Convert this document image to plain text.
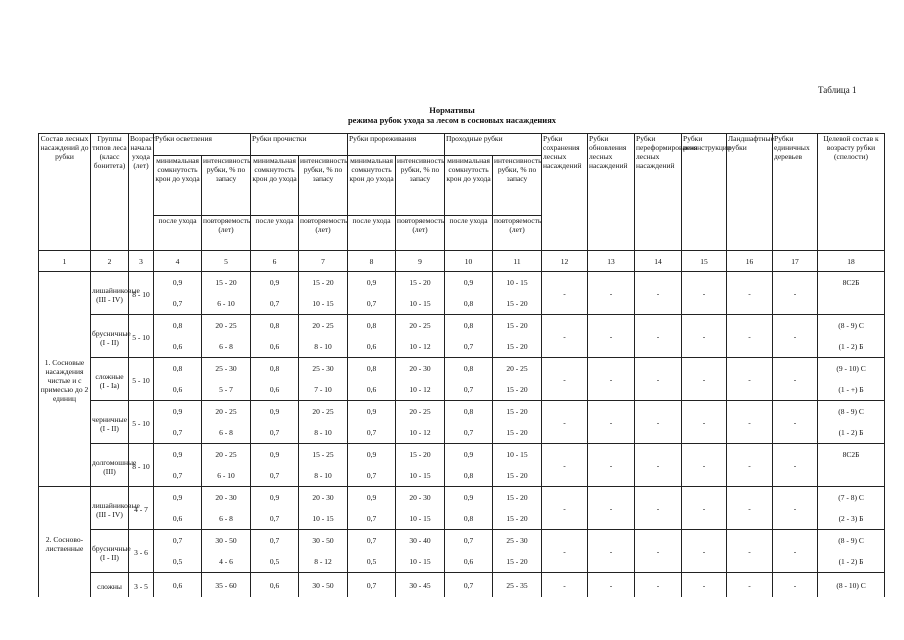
Таблица 1
Нормативы
режима рубок ухода за лесом в сосновых насаждениях
Состав лесных насаждений до рубки	Группы типов леса (класс бонитета)	Возраст начала ухода (лет)	Рубки осветления		Рубки прочистки		Рубки прореживания		Проходные рубки		Рубки сохранения лесных насаждений	Рубки обновления лесных насаждений	Рубки переформирования лесных насаждений	Рубки реконструкции	Ландшафтные рубки	Рубки единичных деревьев	Целевой состав к возрасту рубки (спелости)
			минимальная сомкнутость крон до ухода	интенсивность рубки, % по запасу	минимальная сомкнутость крон до ухода	интенсивность рубки, % по запасу	минимальная сомкнутость крон до ухода	интенсивность рубки, % по запасу	минимальная сомкнутость крон до ухода	интенсивность рубки, % по запасу							
			после ухода	повторяемость (лет)	после ухода	повторяемость (лет)	после ухода	повторяемость (лет)	после ухода	повторяемость (лет)							
1	2	3	4	5	6	7	8	9	10	11	12	13	14	15	16	17	18
1. Сосновые насаждения чистые и с примесью до 2 единиц	лишайниковые (III - IV)	8 - 10	0,9	15 - 20	0,9	15 - 20	0,9	15 - 20	0,9	10 - 15	-	-	-	-	-	-	8С2Б
			0,7	6 - 10	0,7	10 - 15	0,7	10 - 15	0,8	15 - 20							
	брусничные (I - II)	5 - 10	0,8	20 - 25	0,8	20 - 25	0,8	20 - 25	0,8	15 - 20	-	-	-	-	-	-	(8 - 9) С
			0,6	6 - 8	0,6	8 - 10	0,6	10 - 12	0,7	15 - 20							(1 - 2) Б
	сложные (I - Ia)	5 - 10	0,8	25 - 30	0,8	25 - 30	0,8	20 - 30	0,8	20 - 25	-	-	-	-	-	-	(9 - 10) С
			0,6	5 - 7	0,6	7 - 10	0,6	10 - 12	0,7	15 - 20							(1 - +) Б
	черничные (I - II)	5 - 10	0,9	20 - 25	0,9	20 - 25	0,9	20 - 25	0,8	15 - 20	-	-	-	-	-	-	(8 - 9) С
			0,7	6 - 8	0,7	8 - 10	0,7	10 - 12	0,7	15 - 20							(1 - 2) Б
	долгомошные (III)	8 - 10	0,9	20 - 25	0,9	15 - 25	0,9	15 - 20	0,9	10 - 15	-	-	-	-	-	-	8С2Б
			0,7	6 - 10	0,7	8 - 10	0,7	10 - 15	0,8	15 - 20							
2. Сосново-лиственные	лишайниковые (III - IV)	4 - 7	0,9	20 - 30	0,9	20 - 30	0,9	20 - 30	0,9	15 - 20	-	-	-	-	-	-	(7 - 8) С
			0,6	6 - 8	0,7	10 - 15	0,7	10 - 15	0,8	15 - 20							(2 - 3) Б
	брусничные (I - II)	3 - 6	0,7	30 - 50	0,7	30 - 50	0,7	30 - 40	0,7	25 - 30	-	-	-	-	-	-	(8 - 9) С
			0,5	4 - 6	0,5	8 - 12	0,5	10 - 15	0,6	15 - 20							(1 - 2) Б
	сложны	3 - 5	0,6	35 - 60	0,6	30 - 50	0,7	30 - 45	0,7	25 - 35	-	-	-	-	-	-	(8 - 10) С
